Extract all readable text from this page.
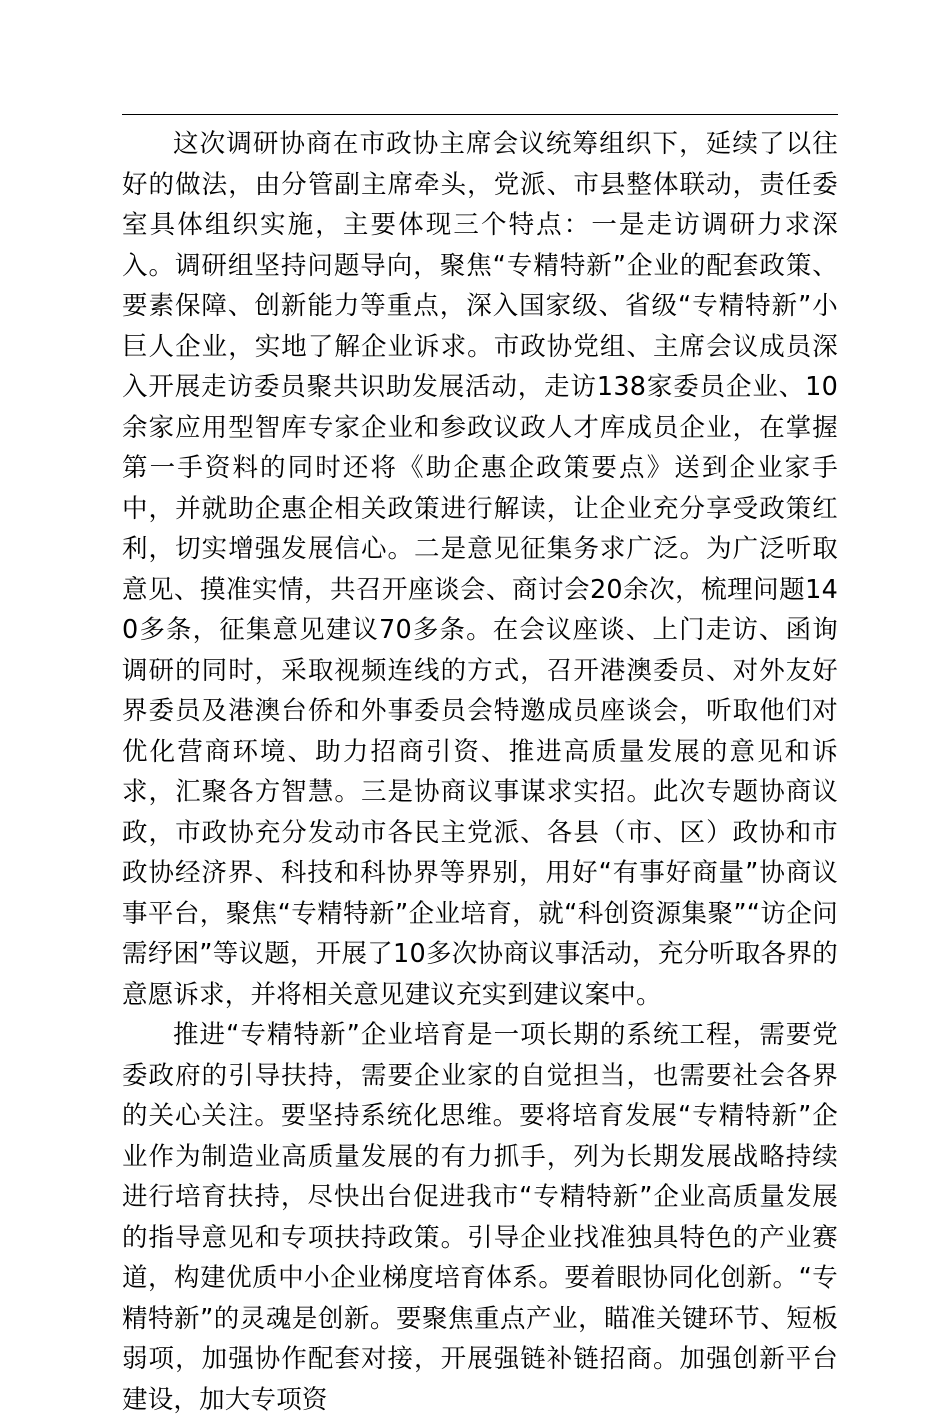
这次调研协商在市政协主席会议统筹组织下，延续了以往好的做法，由分管副主席牵头，党派、市县整体联动，责任委室具体组织实施，主要体现三个特点：一是走访调研力求深入。调研组坚持问题导向，聚焦“专精特新”企业的配套政策、要素保障、创新能力等重点，深入国家级、省级“专精特新”小巨人企业，实地了解企业诉求。市政协党组、主席会议成员深入开展走访委员聚共识助发展活动，走访138家委员企业、10余家应用型智库专家企业和参政议政人才库成员企业，在掌握第一手资料的同时还将《助企惠企政策要点》送到企业家手中，并就助企惠企相关政策进行解读，让企业充分享受政策红利，切实增强发展信心。二是意见征集务求广泛。为广泛听取意见、摸准实情，共召开座谈会、商讨会20余次，梳理问题140多条，征集意见建议70多条。在会议座谈、上门走访、函询调研的同时，采取视频连线的方式，召开港澳委员、对外友好界委员及港澳台侨和外事委员会特邀成员座谈会，听取他们对优化营商环境、助力招商引资、推进高质量发展的意见和诉求，汇聚各方智慧。三是协商议事谋求实招。此次专题协商议政，市政协充分发动市各民主党派、各县（市、区）政协和市政协经济界、科技和科协界等界别，用好“有事好商量”协商议事平台，聚焦“专精特新”企业培育，就“科创资源集聚”“访企问需纾困”等议题，开展了10多次协商议事活动，充分听取各界的意愿诉求，并将相关意见建议充实到建议案中。

推进“专精特新”企业培育是一项长期的系统工程，需要党委政府的引导扶持，需要企业家的自觉担当，也需要社会各界的关心关注。要坚持系统化思维。要将培育发展“专精特新”企业作为制造业高质量发展的有力抓手，列为长期发展战略持续进行培育扶持，尽快出台促进我市“专精特新”企业高质量发展的指导意见和专项扶持政策。引导企业找准独具特色的产业赛道，构建优质中小企业梯度培育体系。要着眼协同化创新。“专精特新”的灵魂是创新。要聚焦重点产业，瞄准关键环节、短板弱项，加强协作配套对接，开展强链补链招商。加强创新平台建设，加大专项资
